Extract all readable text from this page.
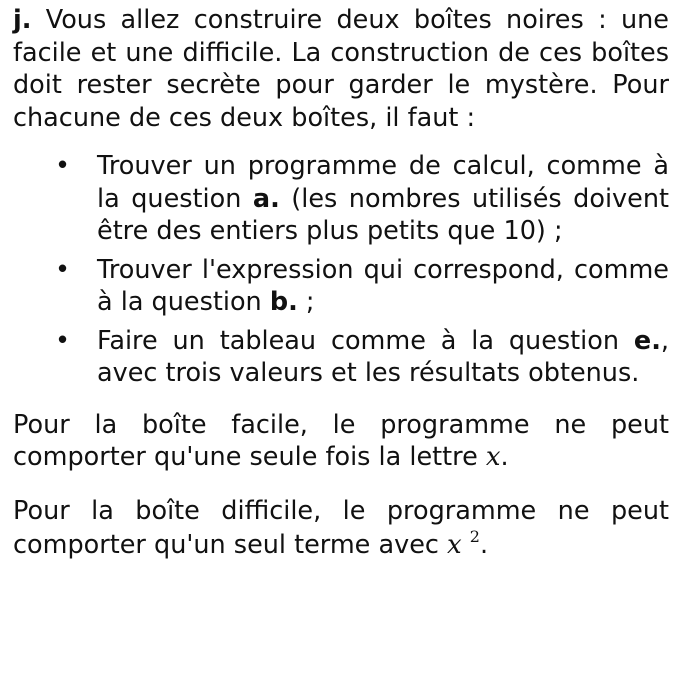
j. Vous allez construire deux boîtes noires : une facile et une difficile. La construction de ces boîtes doit rester secrète pour garder le mystère. Pour chacune de ces deux boîtes, il faut :

• Trouver un programme de calcul, comme à la question a. (les nombres utilisés doivent être des entiers plus petits que 10) ;
• Trouver l'expression qui correspond, comme à la question b. ;
• Faire un tableau comme à la question e., avec trois valeurs et les résultats obtenus.

Pour la boîte facile, le programme ne peut comporter qu'une seule fois la lettre x.

Pour la boîte difficile, le programme ne peut comporter qu'un seul terme avec x $^2$.
